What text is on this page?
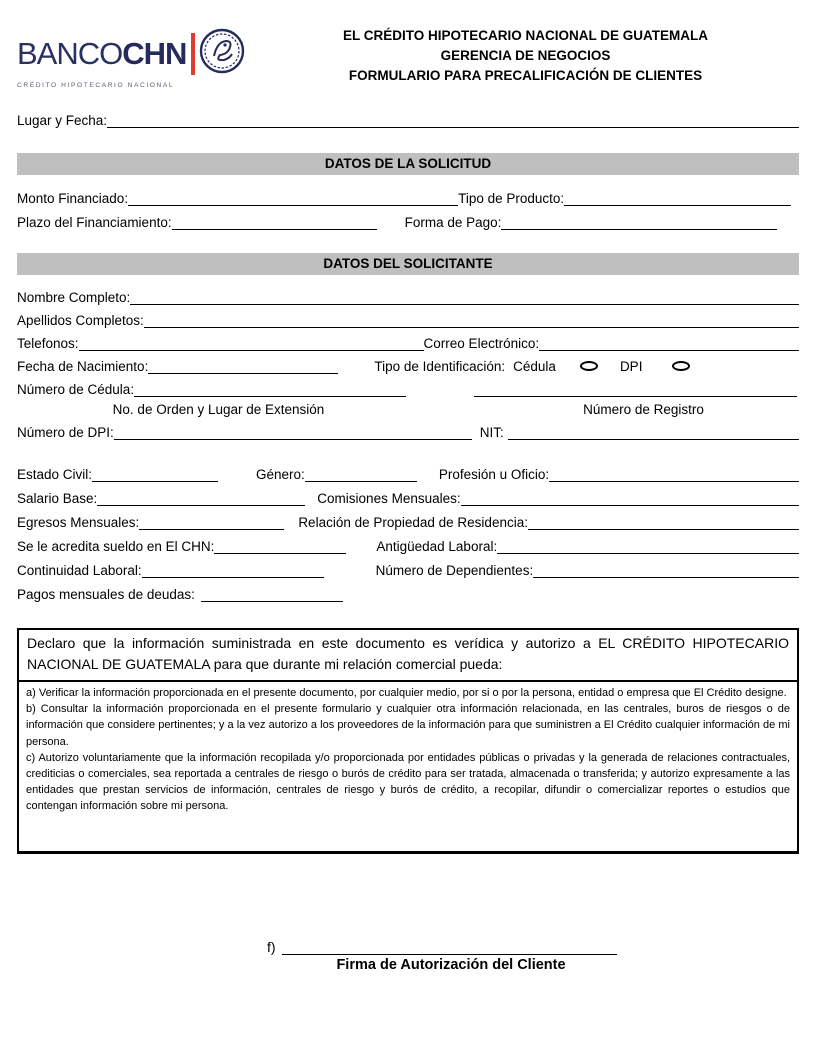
BANCOCHN
CRÉDITO HIPOTECARIO NACIONAL
EL CRÉDITO HIPOTECARIO NACIONAL DE GUATEMALA
GERENCIA DE NEGOCIOS
FORMULARIO PARA PRECALIFICACIÓN DE CLIENTES
Lugar y Fecha:
DATOS DE LA SOLICITUD
Monto Financiado:	Tipo de Producto:
Plazo del Financiamiento:	Forma de Pago:
DATOS DEL SOLICITANTE
Nombre Completo:
Apellidos Completos:
Telefonos:	Correo Electrónico:
Fecha de Nacimiento:	Tipo de Identificación: Cédula	DPI
Número de Cédula:
No. de Orden y Lugar de Extensión	Número de Registro
Número de DPI:	NIT:
Estado Civil:	Género:	Profesión u Oficio:
Salario Base:	Comisiones Mensuales:
Egresos Mensuales:	Relación de Propiedad de Residencia:
Se le acredita sueldo en El CHN:	Antigüedad Laboral:
Continuidad Laboral:	Número de Dependientes:
Pagos mensuales de deudas:
Declaro que la información suministrada en este documento es verídica y autorizo a EL CRÉDITO HIPOTECARIO NACIONAL DE GUATEMALA para que durante mi relación comercial pueda:

a) Verificar la información proporcionada en el presente documento, por cualquier medio, por si o por la persona, entidad o empresa que El Crédito designe.

b) Consultar la información proporcionada en el presente formulario y cualquier otra información relacionada, en las centrales, buros de riesgos o de información que considere pertinentes; y a la vez autorizo a los proveedores de la información para que suministren a El Crédito cualquier información de mi persona.

c) Autorizo voluntariamente que la información recopilada y/o proporcionada por entidades públicas o privadas y la generada de relaciones contractuales, crediticias o comerciales, sea reportada a centrales de riesgo o burós de crédito para ser tratada, almacenada o transferida; y autorizo expresamente a las entidades que prestan servicios de información, centrales de riesgo y burós de crédito, a recopilar, difundir o comercializar reportes o estudios que contengan información sobre mi persona.

f)
Firma de Autorización del Cliente
